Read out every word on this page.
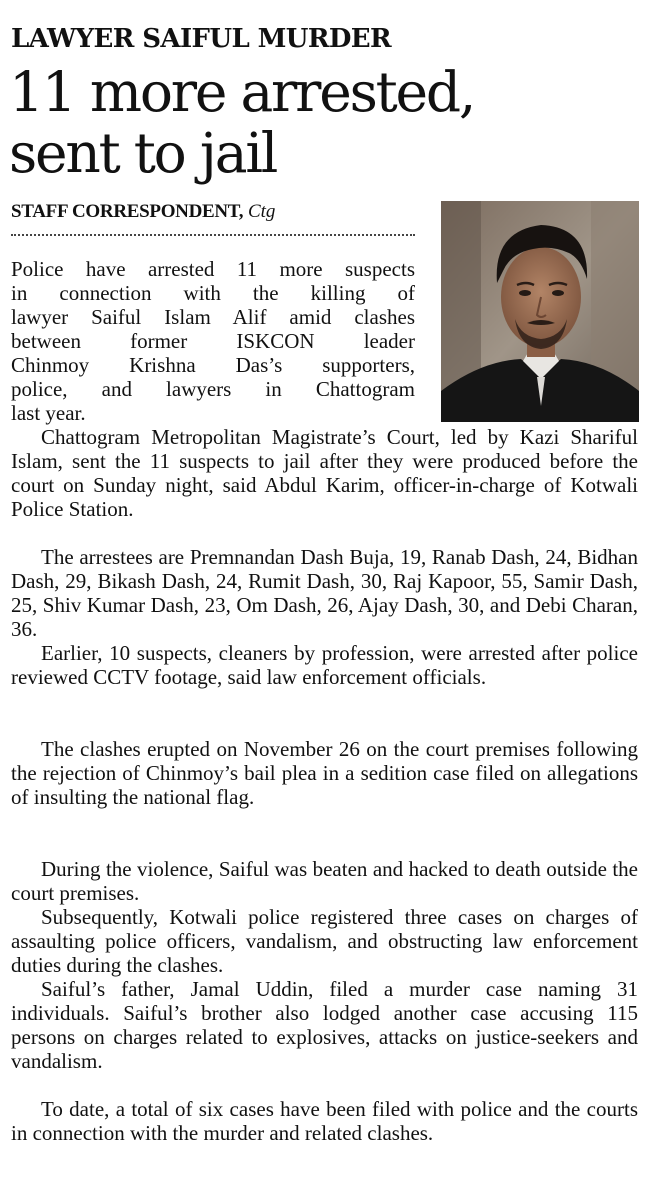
LAWYER SAIFUL MURDER
11 more arrested, sent to jail
STAFF CORRESPONDENT, Ctg

Police have arrested 11 more suspects

in connection with the killing of

lawyer Saiful Islam Alif amid clashes

between former ISKCON leader

Chinmoy Krishna Das’s supporters,

police, and lawyers in Chattogram

last year.

Chattogram Metropolitan Magistrate’s Court, led by Kazi Shariful Islam, sent the 11 suspects to jail after they were produced before the court on Sunday night, said Abdul Karim, officer-in-charge of Kotwali Police Station.

The arrestees are Premnandan Dash Buja, 19, Ranab Dash, 24, Bidhan Dash, 29, Bikash Dash, 24, Rumit Dash, 30, Raj Kapoor, 55, Samir Dash, 25, Shiv Kumar Dash, 23, Om Dash, 26, Ajay Dash, 30, and Debi Charan, 36.

Earlier, 10 suspects, cleaners by profession, were arrested after police reviewed CCTV footage, said law enforcement officials.

The clashes erupted on November 26 on the court premises following the rejection of Chinmoy’s bail plea in a sedition case filed on allegations of insulting the national flag.

During the violence, Saiful was beaten and hacked to death outside the court premises.

Subsequently, Kotwali police registered three cases on charges of assaulting police officers, vandalism, and obstructing law enforcement duties during the clashes.

Saiful’s father, Jamal Uddin, filed a murder case naming 31 individuals. Saiful’s brother also lodged another case accusing 115 persons on charges related to explosives, attacks on justice-seekers and vandalism.

To date, a total of six cases have been filed with police and the courts in connection with the murder and related clashes.
